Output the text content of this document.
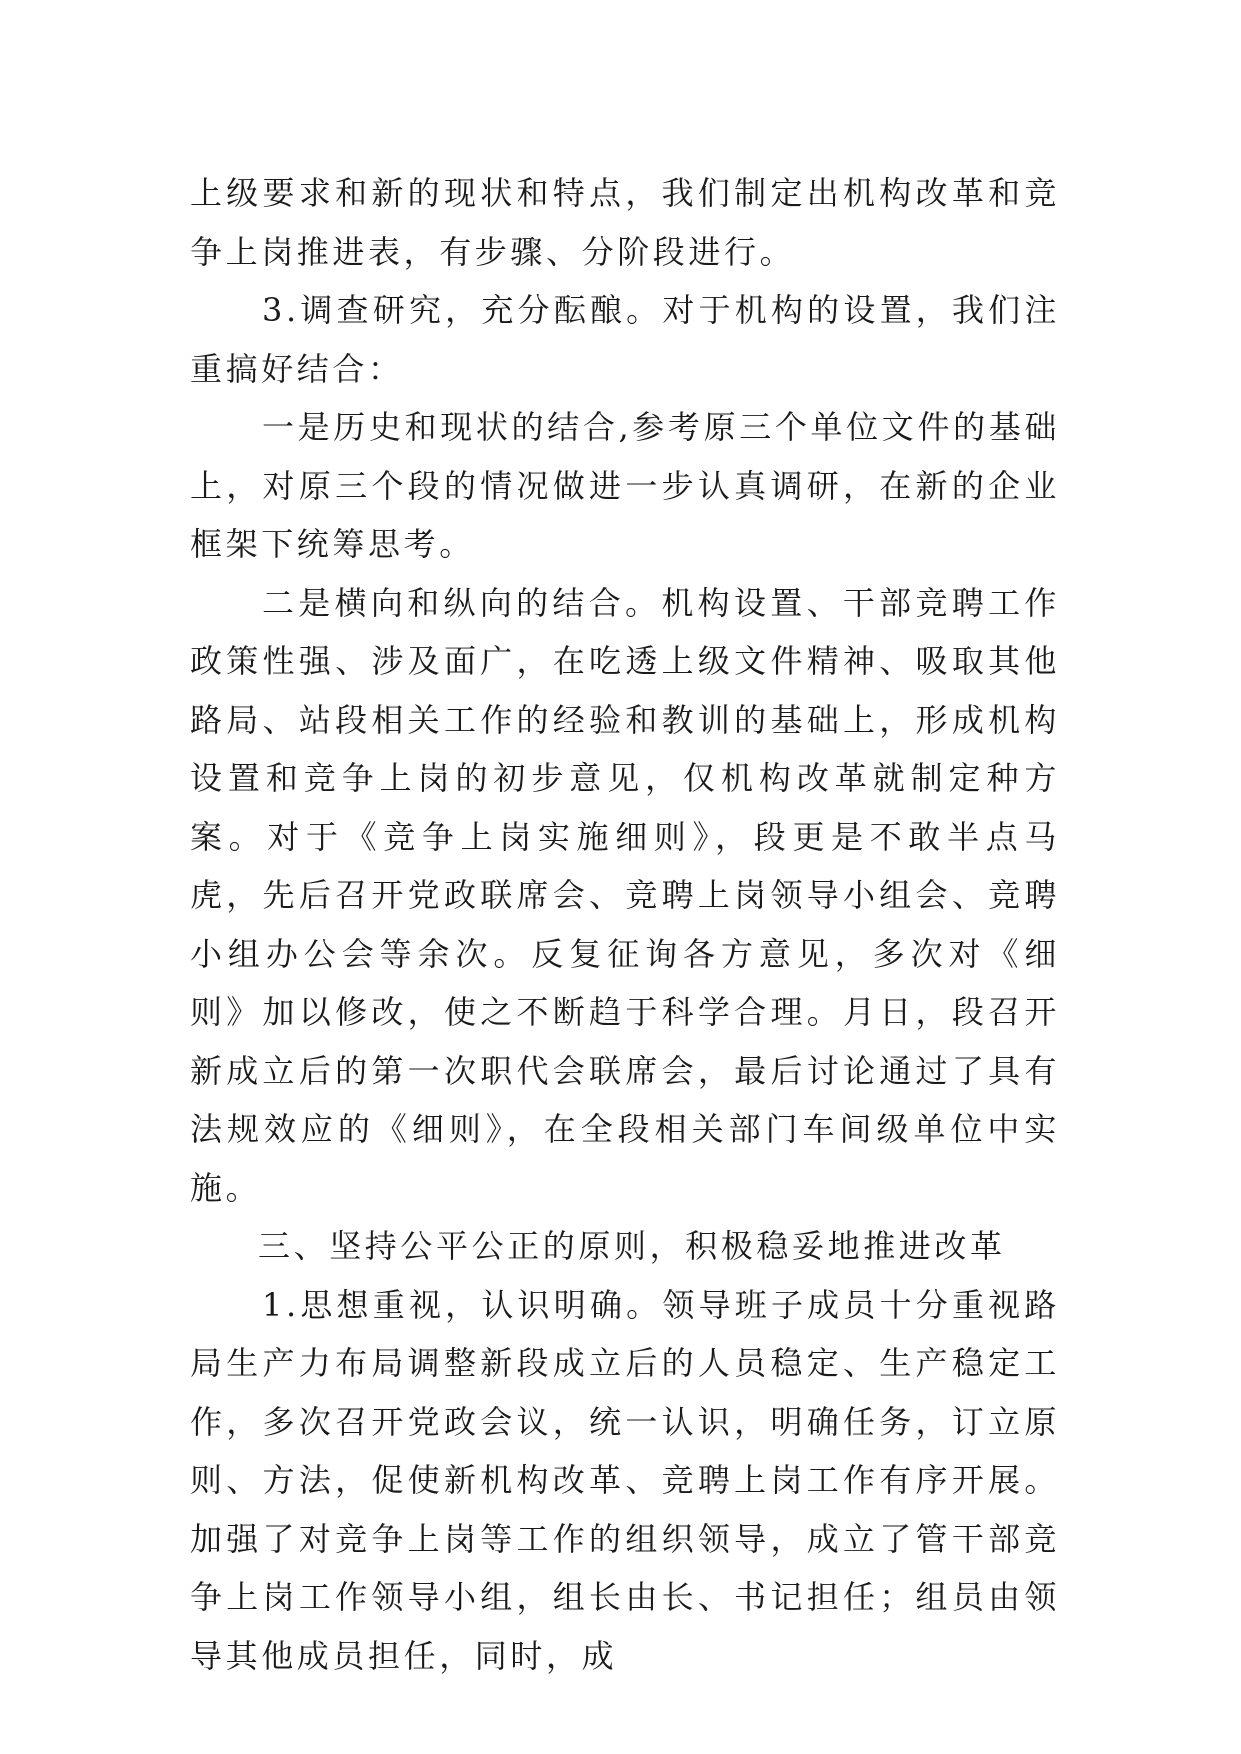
上级要求和新的现状和特点，我们制定出机构改革和竞争上岗推进表，有步骤、分阶段进行。

3.调查研究，充分酝酿。对于机构的设置，我们注重搞好结合：

一是历史和现状的结合,参考原三个单位文件的基础上，对原三个段的情况做进一步认真调研，在新的企业框架下统筹思考。

二是横向和纵向的结合。机构设置、干部竞聘工作政策性强、涉及面广，在吃透上级文件精神、吸取其他路局、站段相关工作的经验和教训的基础上，形成机构设置和竞争上岗的初步意见，仅机构改革就制定种方案。对于《竞争上岗实施细则》，段更是不敢半点马虎，先后召开党政联席会、竞聘上岗领导小组会、竞聘小组办公会等余次。反复征询各方意见，多次对《细则》加以修改，使之不断趋于科学合理。月日，段召开新成立后的第一次职代会联席会，最后讨论通过了具有法规效应的《细则》，在全段相关部门车间级单位中实施。

三、坚持公平公正的原则，积极稳妥地推进改革

1.思想重视，认识明确。领导班子成员十分重视路局生产力布局调整新段成立后的人员稳定、生产稳定工作，多次召开党政会议，统一认识，明确任务，订立原则、方法，促使新机构改革、竞聘上岗工作有序开展。加强了对竞争上岗等工作的组织领导，成立了管干部竞争上岗工作领导小组，组长由长、书记担任；组员由领导其他成员担任，同时，成
